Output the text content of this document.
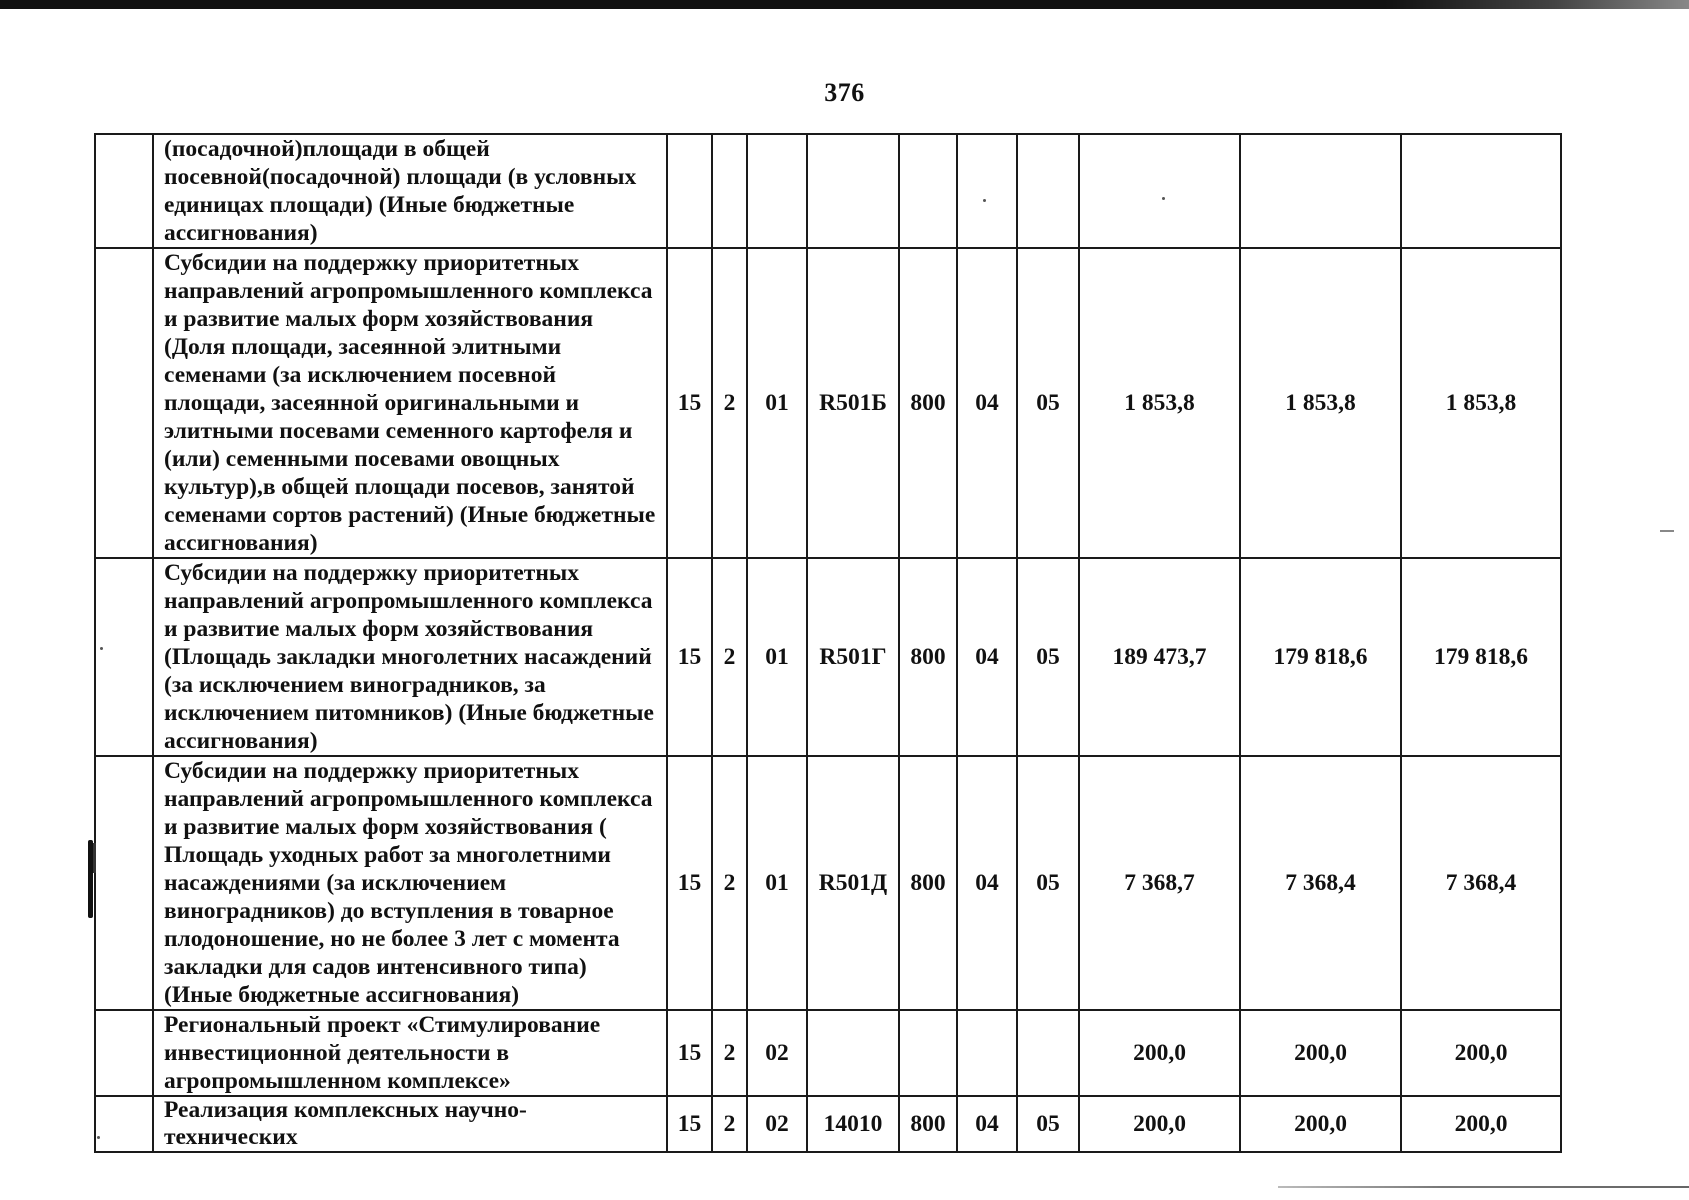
376
	(посадочной)площади в общей посевной(посадочной) площади (в условных единицах площади) (Иные бюджетные ассигнования)										
	Субсидии на поддержку приоритетных направлений агропромышленного комплекса и развитие малых форм хозяйствования (Доля площади, засеянной элитными семенами (за исключением посевной площади, засеянной оригинальными и элитными посевами семенного картофеля и (или) семенными посевами овощных культур),в общей площади посевов, занятой семенами сортов растений) (Иные бюджетные ассигнования)	15	2	01	R501Б	800	04	05	1 853,8	1 853,8	1 853,8
	Субсидии на поддержку приоритетных направлений агропромышленного комплекса и развитие малых форм хозяйствования (Площадь закладки многолетних насаждений (за исключением виноградников, за исключением питомников) (Иные бюджетные ассигнования)	15	2	01	R501Г	800	04	05	189 473,7	179 818,6	179 818,6
	Субсидии на поддержку приоритетных направлений агропромышленного комплекса и развитие малых форм хозяйствования ( Площадь уходных работ за многолетними насаждениями (за исключением виноградников) до вступления в товарное плодоношение, но не более 3 лет с момента закладки для садов интенсивного типа) (Иные бюджетные ассигнования)	15	2	01	R501Д	800	04	05	7 368,7	7 368,4	7 368,4
	Региональный проект «Стимулирование инвестиционной деятельности в агропромышленном комплексе»	15	2	02					200,0	200,0	200,0
	Реализация комплексных научно-технических	15	2	02	14010	800	04	05	200,0	200,0	200,0
